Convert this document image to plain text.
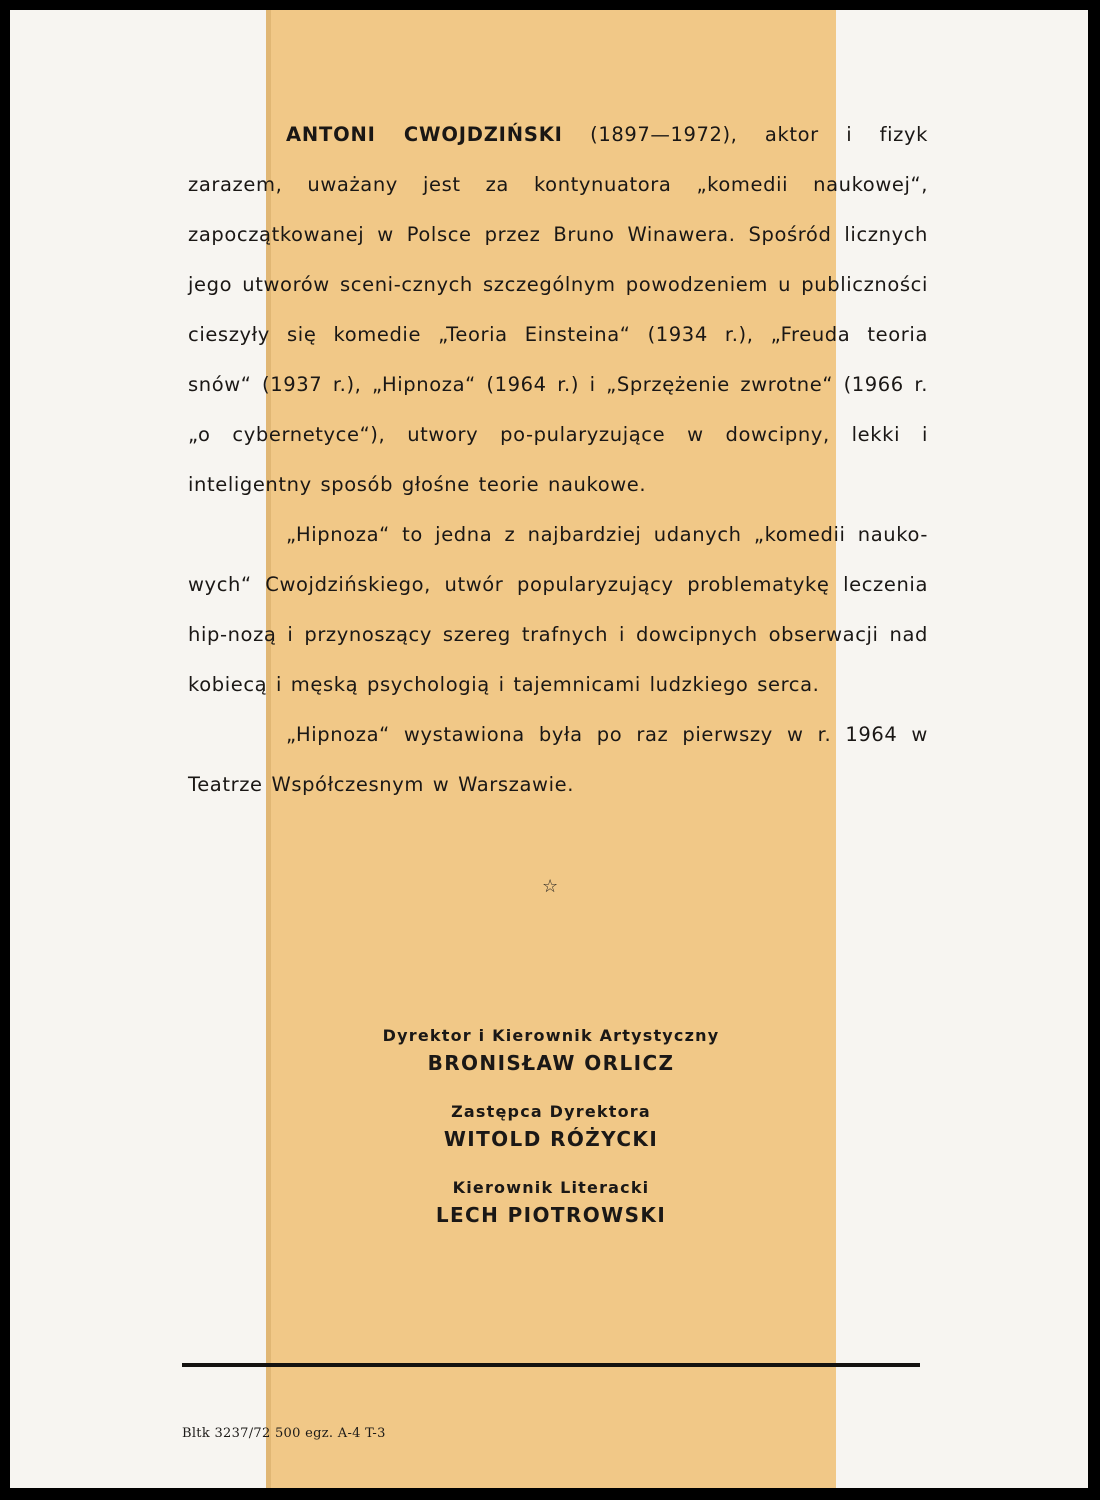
ANTONI CWOJDZIŃSKI (1897—1972), aktor i fizyk zarazem, uważany jest za kontynuatora „komedii naukowej“, zapoczątkowanej w Polsce przez Bruno Winawera. Spośród licznych jego utworów sceni-cznych szczególnym powodzeniem u publiczności cieszyły się komedie „Teoria Einsteina“ (1934 r.), „Freuda teoria snów“ (1937 r.), „Hipnoza“ (1964 r.) i „Sprzężenie zwrotne“ (1966 r. „o cybernetyce“), utwory po-pularyzujące w dowcipny, lekki i inteligentny sposób głośne teorie naukowe.

„Hipnoza“ to jedna z najbardziej udanych „komedii nauko-wych“ Cwojdzińskiego, utwór popularyzujący problematykę leczenia hip-nozą i przynoszący szereg trafnych i dowcipnych obserwacji nad kobiecą i męską psychologią i tajemnicami ludzkiego serca.

„Hipnoza“ wystawiona była po raz pierwszy w r. 1964 w Teatrze Współczesnym w Warszawie.

☆
Dyrektor i Kierownik Artystyczny
BRONISŁAW ORLICZ
Zastępca Dyrektora
WITOLD RÓŻYCKI
Kierownik Literacki
LECH PIOTROWSKI
Bltk 3237/72 500 egz. A-4 T-3
